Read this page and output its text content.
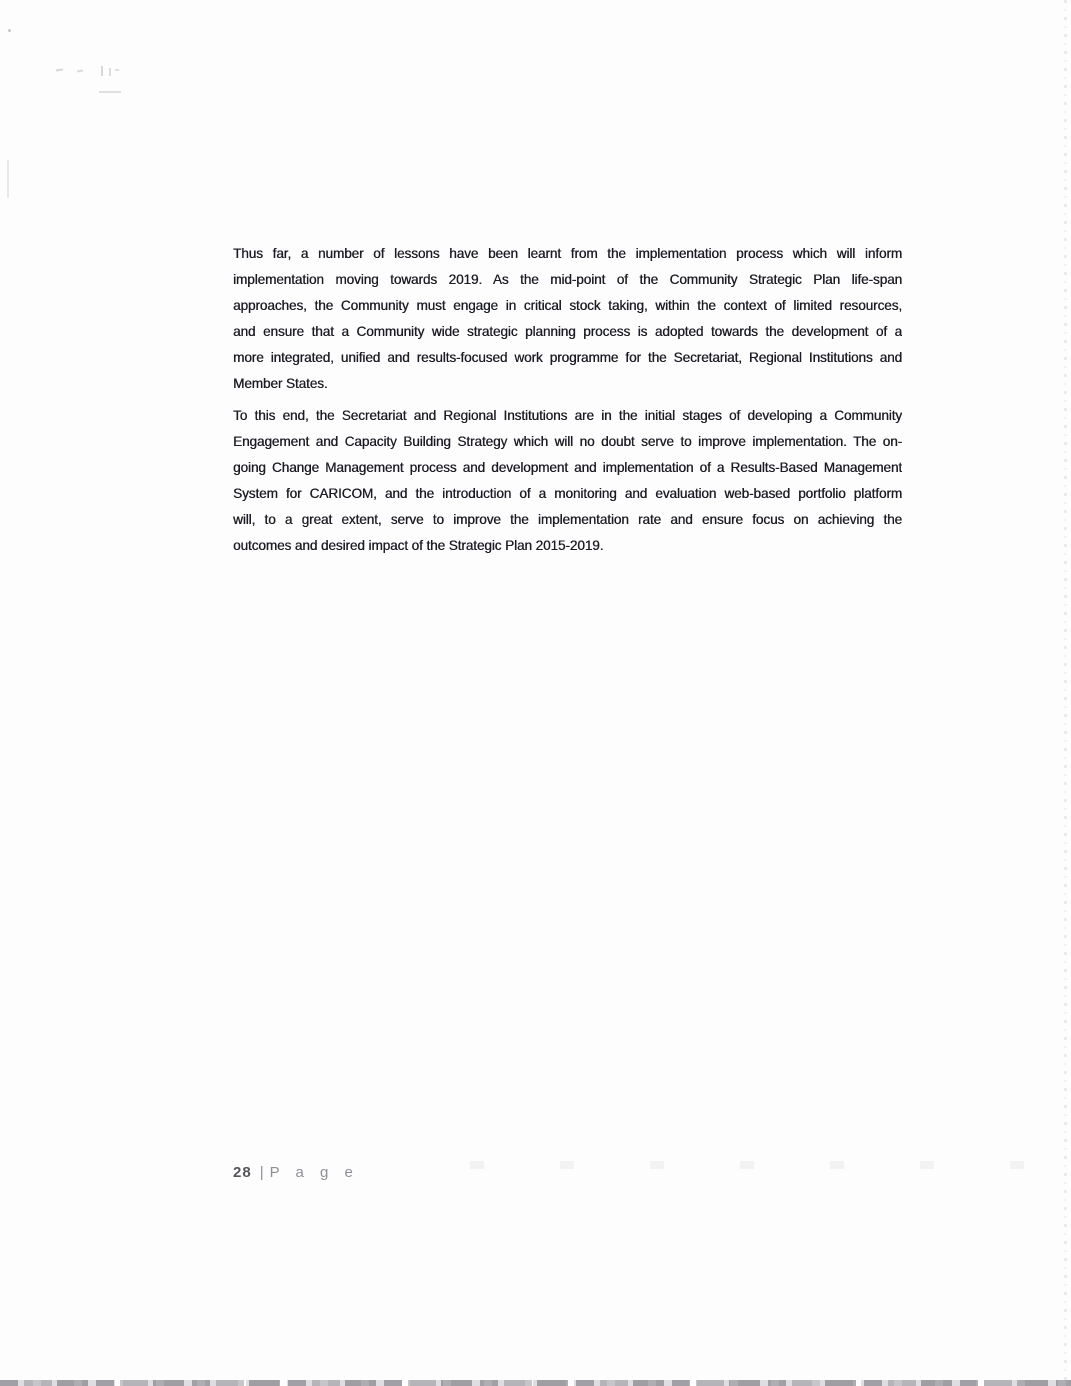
Thus far, a number of lessons have been learnt from the implementation process which will inform
implementation moving towards 2019. As the mid-point of the Community Strategic Plan life-span
approaches, the Community must engage in critical stock taking, within the context of limited resources,
and ensure that a Community wide strategic planning process is adopted towards the development of a
more integrated, unified and results-focused work programme for the Secretariat, Regional Institutions and
Member States.
To this end, the Secretariat and Regional Institutions are in the initial stages of developing a Community
Engagement and Capacity Building Strategy which will no doubt serve to improve implementation. The on-
going Change Management process and development and implementation of a Results-Based Management
System for CARICOM, and the introduction of a monitoring and evaluation web-based portfolio platform
will, to a great extent, serve to improve the implementation rate and ensure focus on achieving the
outcomes and desired impact of the Strategic Plan 2015-2019.
28 | P a g e
